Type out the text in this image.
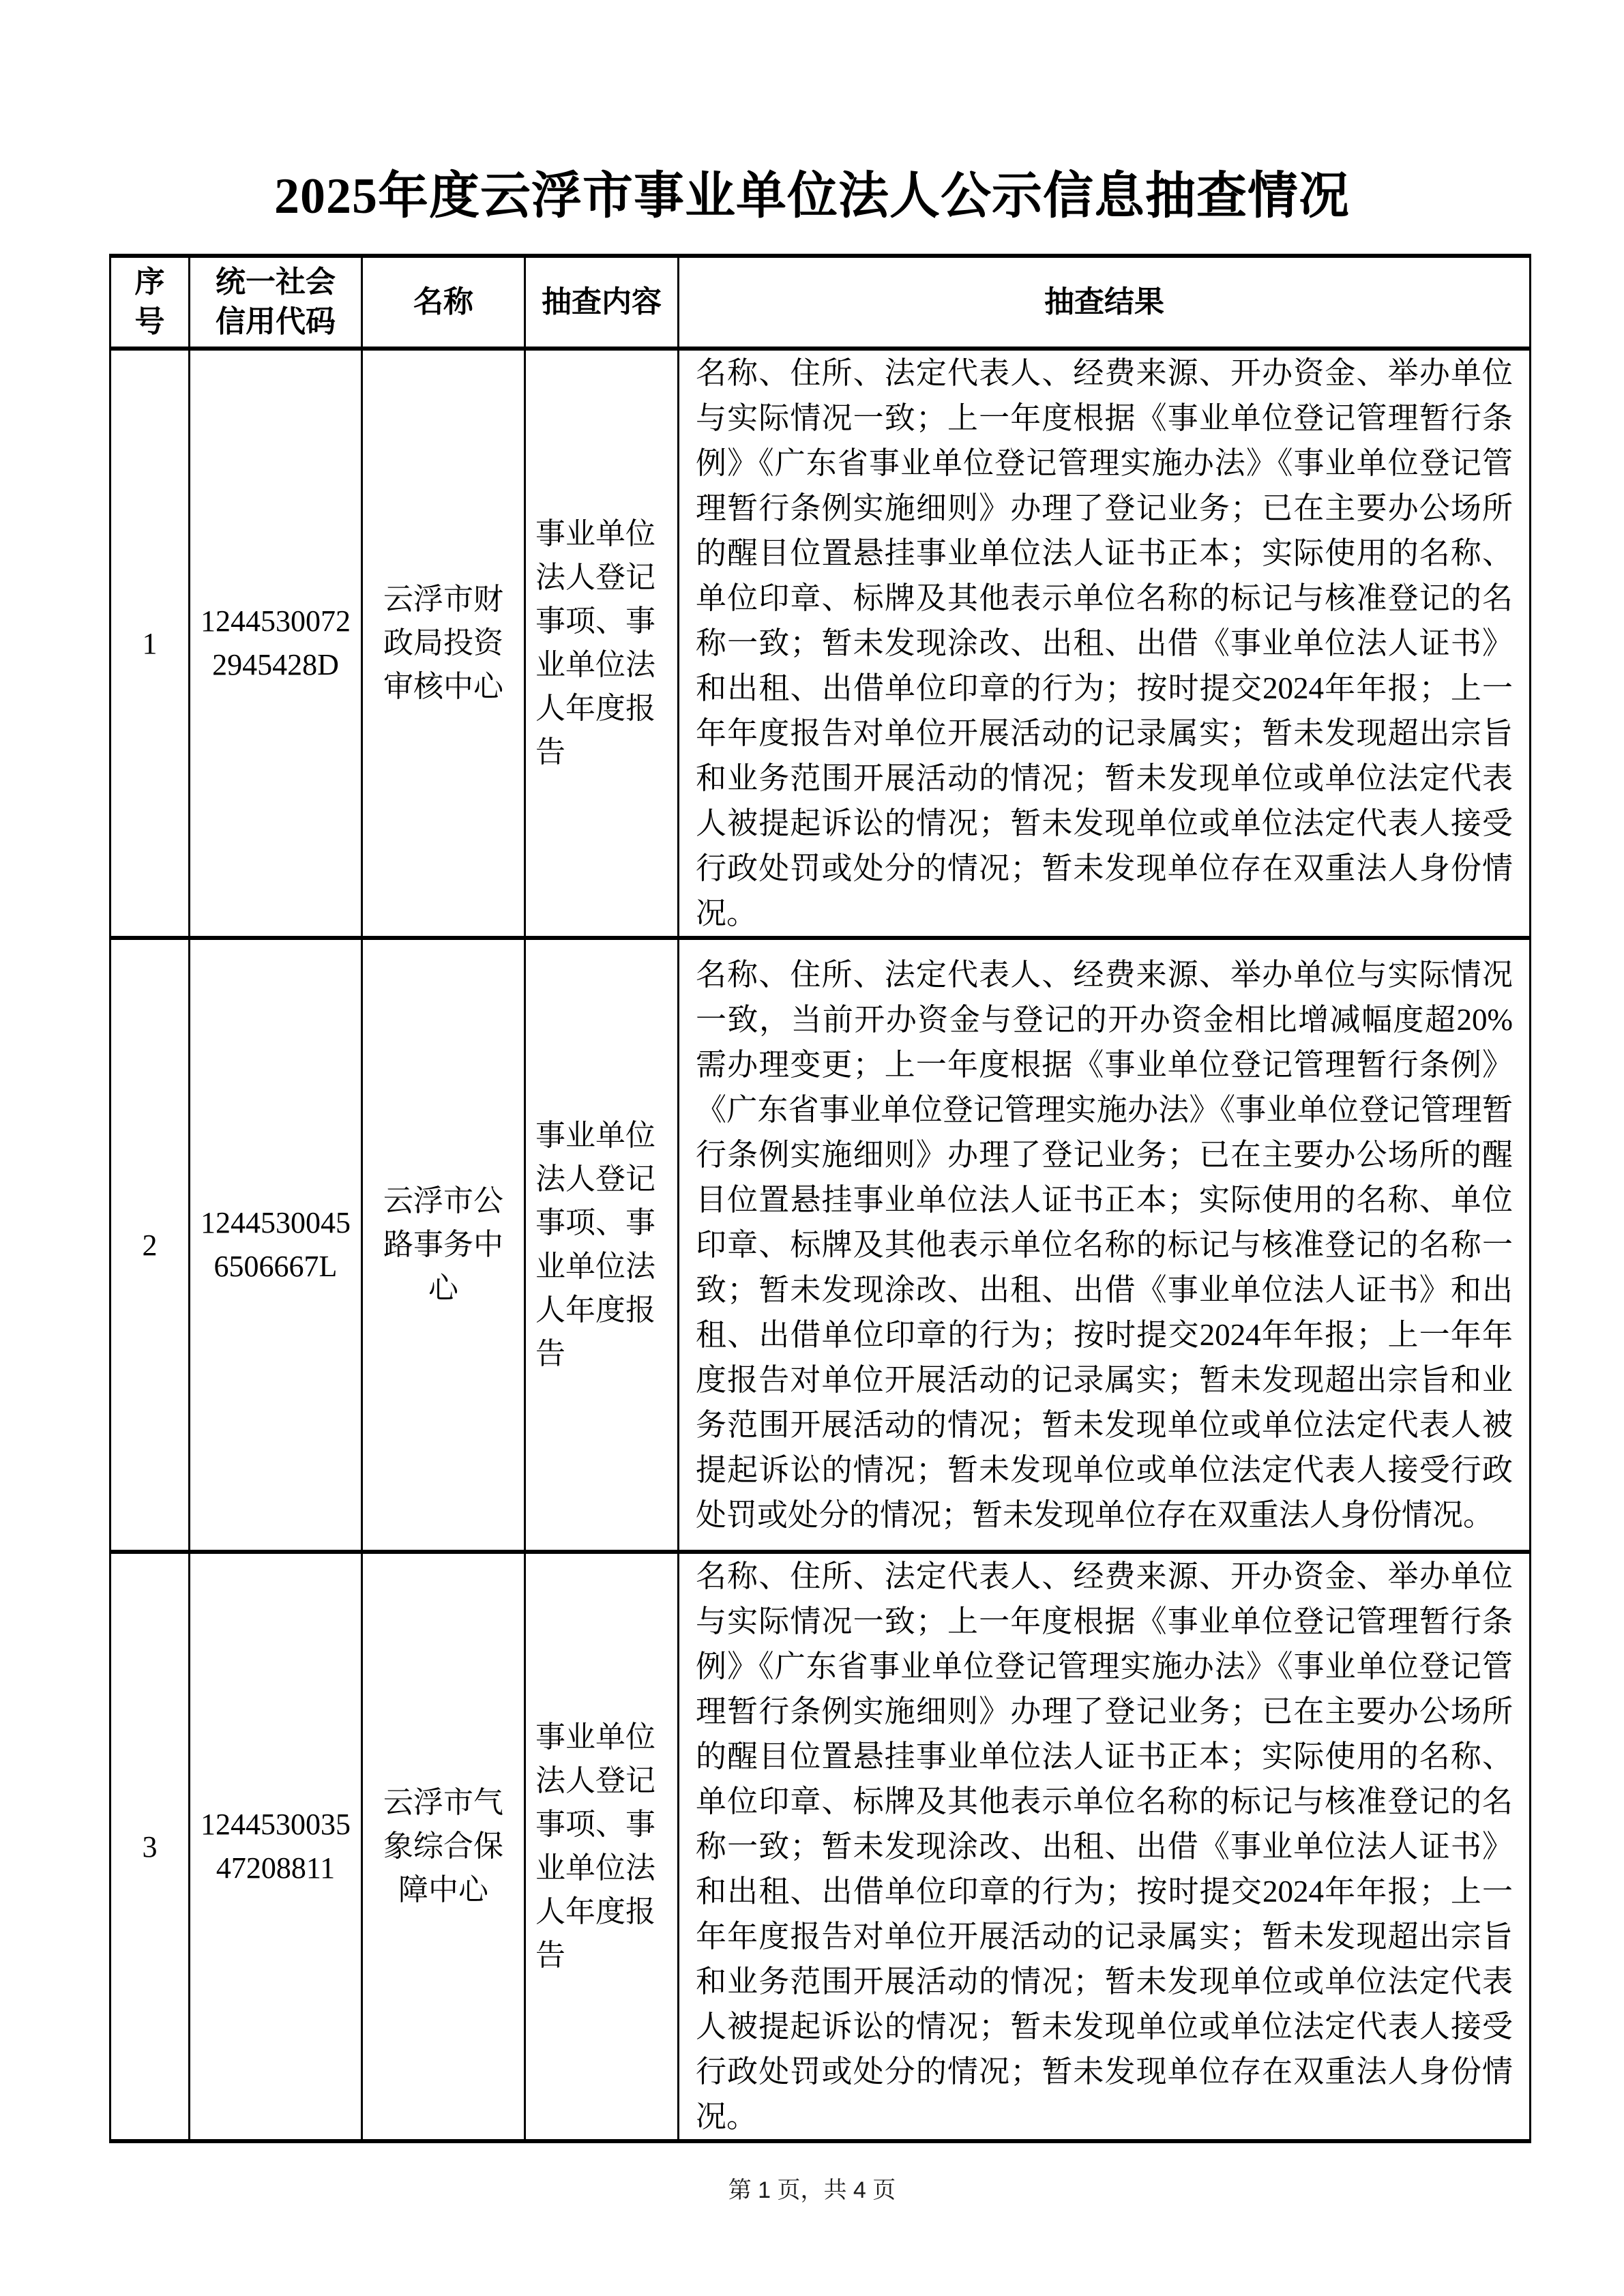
2025年度云浮市事业单位法人公示信息抽查情况
序号	统一社会信用代码	名称	抽查内容	抽查结果
1	12445300722945428D	云浮市财政局投资审核中心	事业单位法人登记事项、事业单位法人年度报告	名称、住所、法定代表人、经费来源、开办资金、举办单位与实际情况一致；上一年度根据《事业单位登记管理暂行条例》《广东省事业单位登记管理实施办法》《事业单位登记管理暂行条例实施细则》办理了登记业务；已在主要办公场所的醒目位置悬挂事业单位法人证书正本；实际使用的名称、单位印章、标牌及其他表示单位名称的标记与核准登记的名称一致；暂未发现涂改、出租、出借《事业单位法人证书》和出租、出借单位印章的行为；按时提交2024年年报；上一年年度报告对单位开展活动的记录属实；暂未发现超出宗旨和业务范围开展活动的情况；暂未发现单位或单位法定代表人被提起诉讼的情况；暂未发现单位或单位法定代表人接受行政处罚或处分的情况；暂未发现单位存在双重法人身份情况。
2	12445300456506667L	云浮市公路事务中心	事业单位法人登记事项、事业单位法人年度报告	名称、住所、法定代表人、经费来源、举办单位与实际情况一致，当前开办资金与登记的开办资金相比增减幅度超20%需办理变更；上一年度根据《事业单位登记管理暂行条例》《广东省事业单位登记管理实施办法》《事业单位登记管理暂行条例实施细则》办理了登记业务；已在主要办公场所的醒目位置悬挂事业单位法人证书正本；实际使用的名称、单位印章、标牌及其他表示单位名称的标记与核准登记的名称一致；暂未发现涂改、出租、出借《事业单位法人证书》和出租、出借单位印章的行为；按时提交2024年年报；上一年年度报告对单位开展活动的记录属实；暂未发现超出宗旨和业务范围开展活动的情况；暂未发现单位或单位法定代表人被提起诉讼的情况；暂未发现单位或单位法定代表人接受行政处罚或处分的情况；暂未发现单位存在双重法人身份情况。
3	124453003547208811	云浮市气象综合保障中心	事业单位法人登记事项、事业单位法人年度报告	名称、住所、法定代表人、经费来源、开办资金、举办单位与实际情况一致；上一年度根据《事业单位登记管理暂行条例》《广东省事业单位登记管理实施办法》《事业单位登记管理暂行条例实施细则》办理了登记业务；已在主要办公场所的醒目位置悬挂事业单位法人证书正本；实际使用的名称、单位印章、标牌及其他表示单位名称的标记与核准登记的名称一致；暂未发现涂改、出租、出借《事业单位法人证书》和出租、出借单位印章的行为；按时提交2024年年报；上一年年度报告对单位开展活动的记录属实；暂未发现超出宗旨和业务范围开展活动的情况；暂未发现单位或单位法定代表人被提起诉讼的情况；暂未发现单位或单位法定代表人接受行政处罚或处分的情况；暂未发现单位存在双重法人身份情况。
第 1 页，共 4 页
